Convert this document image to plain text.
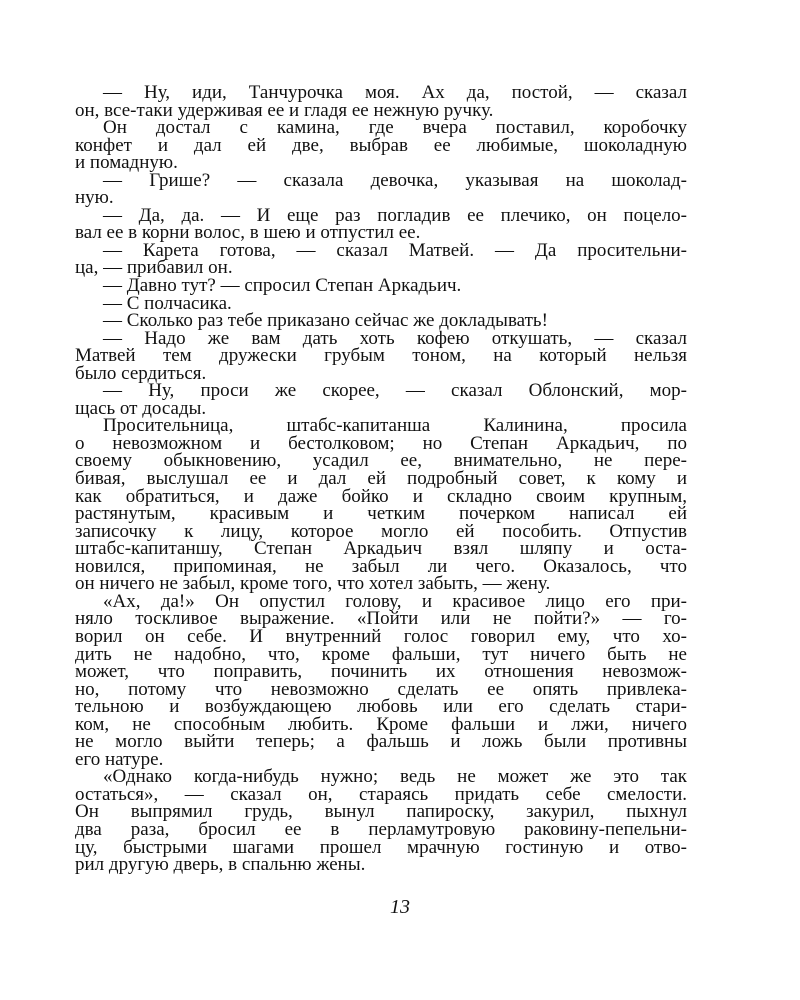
— Ну, иди, Танчурочка моя. Ах да, постой, — сказал
он, все-таки удерживая ее и гладя ее нежную ручку.
Он достал с камина, где вчера поставил, коробочку
конфет и дал ей две, выбрав ее любимые, шоколадную
и помадную.
— Грише? — сказала девочка, указывая на шоколад-
ную.
— Да, да. — И еще раз погладив ее плечико, он поцело-
вал ее в корни волос, в шею и отпустил ее.
— Карета готова, — сказал Матвей. — Да просительни-
ца, — прибавил он.
— Давно тут? — спросил Степан Аркадьич.
— С полчасика.
— Сколько раз тебе приказано сейчас же докладывать!
— Надо же вам дать хоть кофею откушать, — сказал
Матвей тем дружески грубым тоном, на который нельзя
было сердиться.
— Ну, проси же скорее, — сказал Облонский, мор-
щась от досады.
Просительница, штабс-капитанша Калинина, просила
о невозможном и бестолковом; но Степан Аркадьич, по
своему обыкновению, усадил ее, внимательно, не пере-
бивая, выслушал ее и дал ей подробный совет, к кому и
как обратиться, и даже бойко и складно своим крупным,
растянутым, красивым и четким почерком написал ей
записочку к лицу, которое могло ей пособить. Отпустив
штабс-капитаншу, Степан Аркадьич взял шляпу и оста-
новился, припоминая, не забыл ли чего. Оказалось, что
он ничего не забыл, кроме того, что хотел забыть, — жену.
«Ах, да!» Он опустил голову, и красивое лицо его при-
няло тоскливое выражение. «Пойти или не пойти?» — го-
ворил он себе. И внутренний голос говорил ему, что хо-
дить не надобно, что, кроме фальши, тут ничего быть не
может, что поправить, починить их отношения невозмож-
но, потому что невозможно сделать ее опять привлека-
тельною и возбуждающею любовь или его сделать стари-
ком, не способным любить. Кроме фальши и лжи, ничего
не могло выйти теперь; а фальшь и ложь были противны
его натуре.
«Однако когда-нибудь нужно; ведь не может же это так
остаться», — сказал он, стараясь придать себе смелости.
Он выпрямил грудь, вынул папироску, закурил, пыхнул
два раза, бросил ее в перламутровую раковину-пепельни-
цу, быстрыми шагами прошел мрачную гостиную и отво-
рил другую дверь, в спальню жены.
13
